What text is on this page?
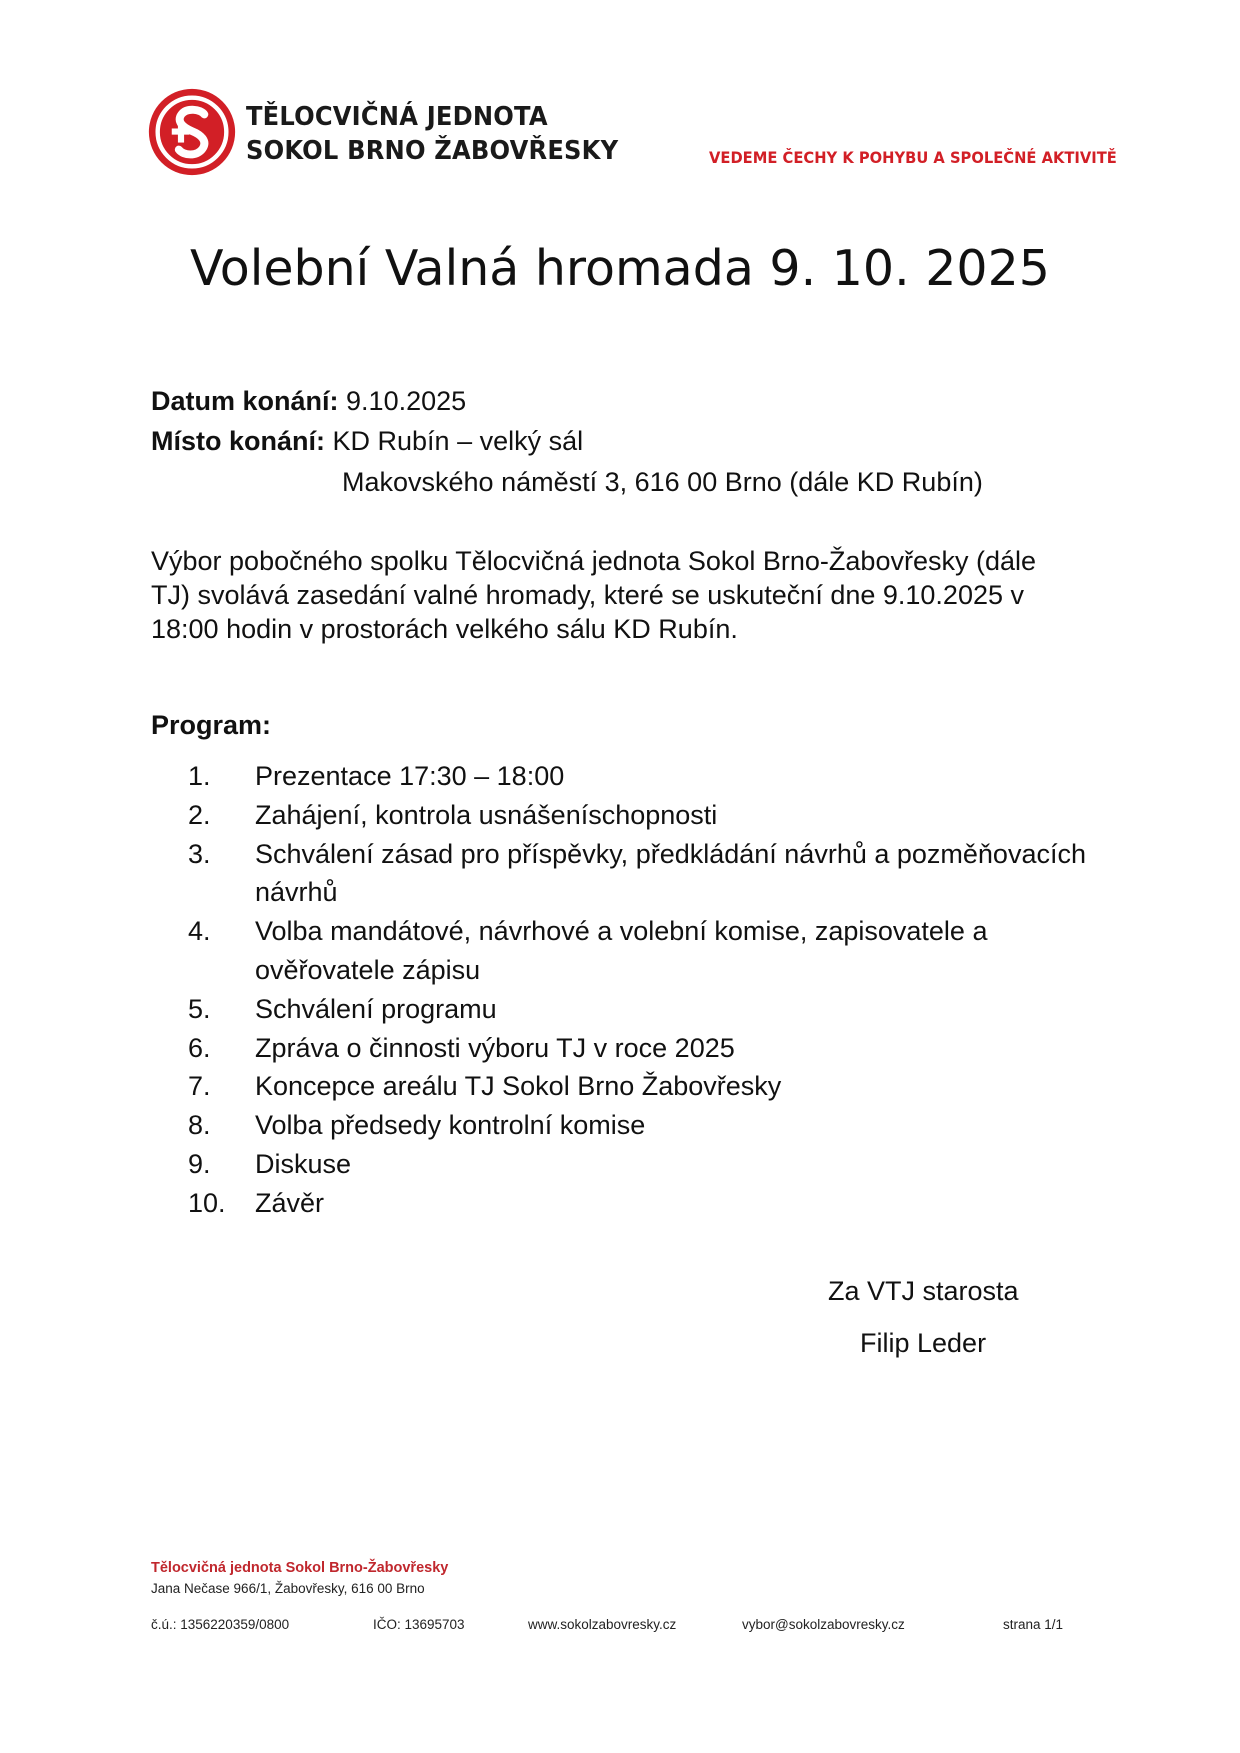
TĚLOCVIČNÁ JEDNOTA
SOKOL BRNO ŽABOVŘESKY	VEDEME ČECHY K POHYBU A SPOLEČNÉ AKTIVITĚ
Volební Valná hromada 9. 10. 2025
Datum konání: 9.10.2025
Místo konání: KD Rubín – velký sál
Makovského náměstí 3, 616 00 Brno (dále KD Rubín)
Výbor pobočného spolku Tělocvičná jednota Sokol Brno-Žabovřesky (dále TJ) svolává zasedání valné hromady, které se uskuteční dne 9.10.2025 v 18:00 hodin v prostorách velkého sálu KD Rubín.
Program:
1. Prezentace 17:30 – 18:00
2. Zahájení, kontrola usnášeníschopnosti
3. Schválení zásad pro příspěvky, předkládání návrhů a pozměňovacích návrhů
4. Volba mandátové, návrhové a volební komise, zapisovatele a ověřovatele zápisu
5. Schválení programu
6. Zpráva o činnosti výboru TJ v roce 2025
7. Koncepce areálu TJ Sokol Brno Žabovřesky
8. Volba předsedy kontrolní komise
9. Diskuse
10. Závěr
Za VTJ starosta
Filip Leder
Tělocvičná jednota Sokol Brno-Žabovřesky
Jana Nečase 966/1, Žabovřesky, 616 00 Brno
č.ú.: 1356220359/0800	IČO: 13695703	www.sokolzabovresky.cz	vybor@sokolzabovresky.cz	strana 1/1
